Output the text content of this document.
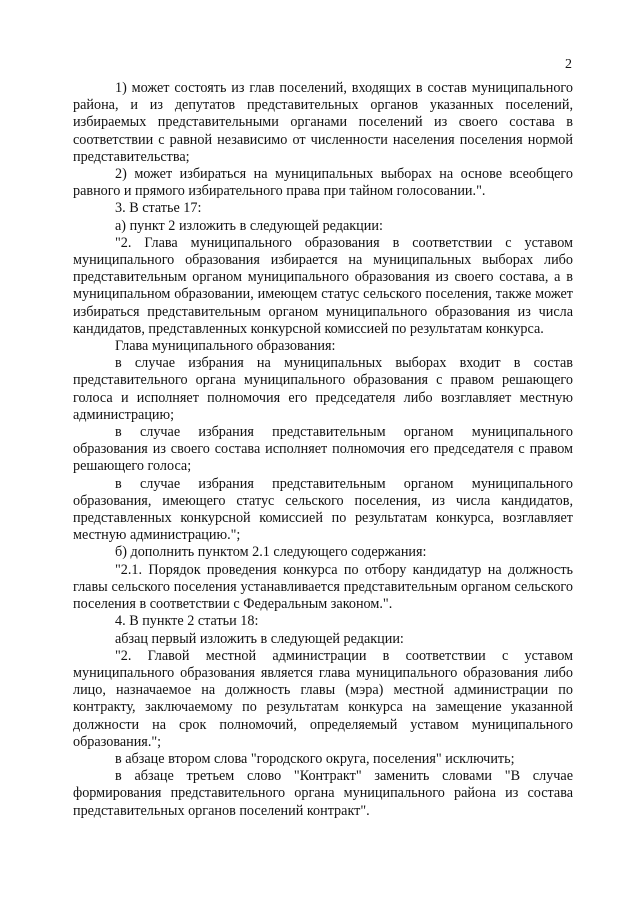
2

1) может состоять из глав поселений, входящих в состав муниципального района, и из депутатов представительных органов указанных поселений, избираемых представительными органами поселений из своего состава в соответствии с равной независимо от численности населения поселения нормой представительства;

2) может избираться на муниципальных выборах на основе всеобщего равного и прямого избирательного права при тайном голосовании.".

3. В статье 17:

а) пункт 2 изложить в следующей редакции:

"2. Глава муниципального образования в соответствии с уставом муниципального образования избирается на муниципальных выборах либо представительным органом муниципального образования из своего состава, а в муниципальном образовании, имеющем статус сельского поселения, также может избираться представительным органом муниципального образования из числа кандидатов, представленных конкурсной комиссией по результатам конкурса.

Глава муниципального образования:

в случае избрания на муниципальных выборах входит в состав представительного органа муниципального образования с правом решающего голоса и исполняет полномочия его председателя либо возглавляет местную администрацию;

в случае избрания представительным органом муниципального образования из своего состава исполняет полномочия его председателя с правом решающего голоса;

в случае избрания представительным органом муниципального образования, имеющего статус сельского поселения, из числа кандидатов, представленных конкурсной комиссией по результатам конкурса, возглавляет местную администрацию.";

б) дополнить пунктом 2.1 следующего содержания:

"2.1. Порядок проведения конкурса по отбору кандидатур на должность главы сельского поселения устанавливается представительным органом сельского поселения в соответствии с Федеральным законом.".

4. В пункте 2 статьи 18:

абзац первый изложить в следующей редакции:

"2. Главой местной администрации в соответствии с уставом муниципального образования является глава муниципального образования либо лицо, назначаемое на должность главы (мэра) местной администрации по контракту, заключаемому по результатам конкурса на замещение указанной должности на срок полномочий, определяемый уставом муниципального образования.";

в абзаце втором слова "городского округа, поселения" исключить;

в абзаце третьем слово "Контракт" заменить словами "В случае формирования представительного органа муниципального района из состава представительных органов поселений контракт".
